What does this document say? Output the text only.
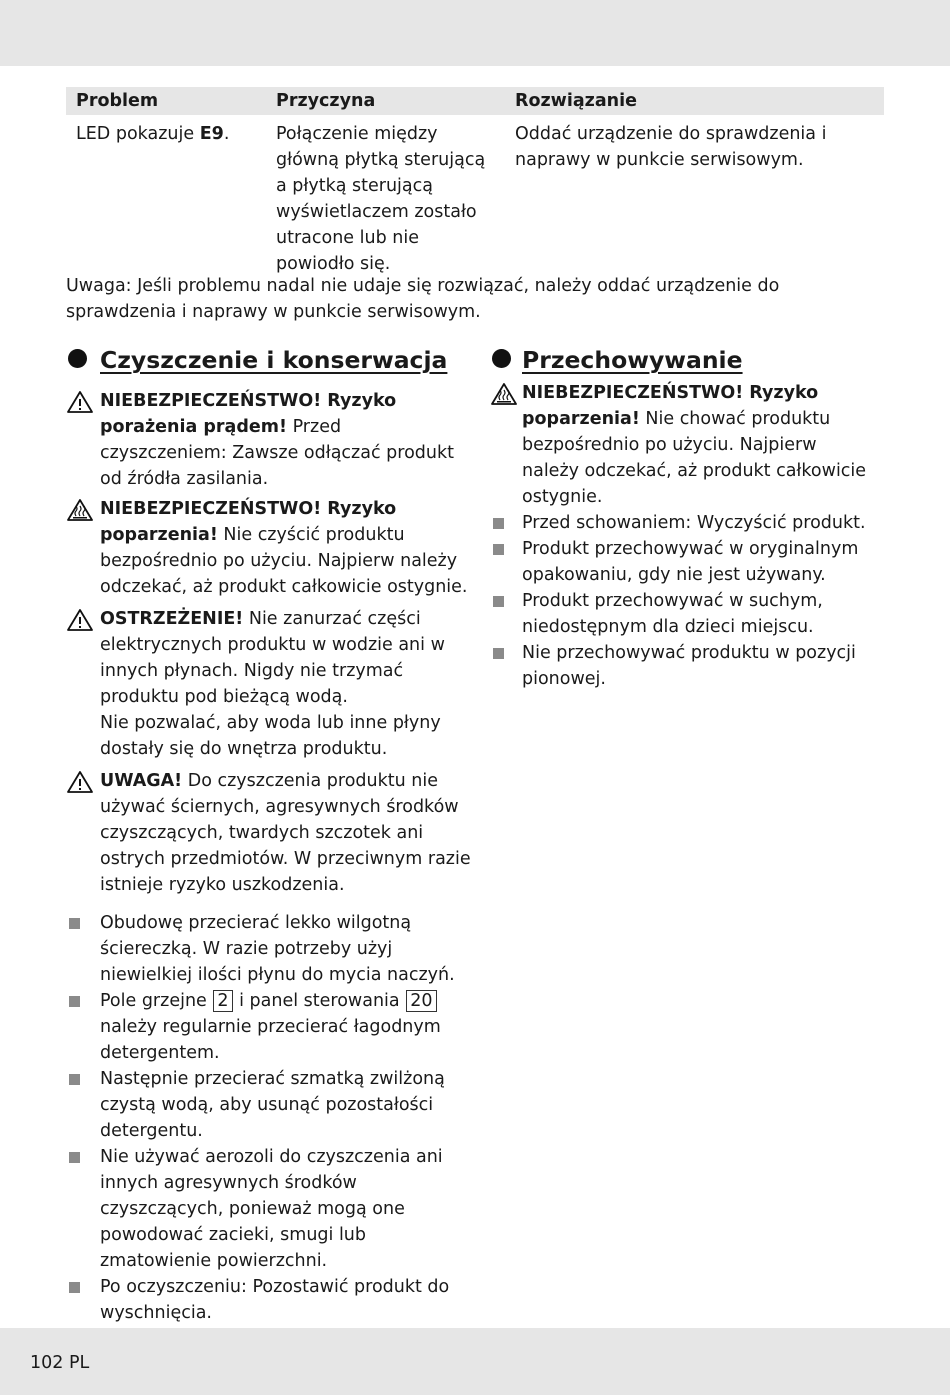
Problem	Przyczyna	Rozwiązanie
LED pokazuje E9.	Połączenie między główną płytką sterującą a płytką sterującą wyświetlaczem zostało utracone lub nie powiodło się.	Oddać urządzenie do sprawdzenia i naprawy w punkcie serwisowym.
Uwaga: Jeśli problemu nadal nie udaje się rozwiązać, należy oddać urządzenie do sprawdzenia i naprawy w punkcie serwisowym.
Czyszczenie i konserwacja

NIEBEZPIECZEŃSTWO! Ryzyko porażenia prądem! Przed czyszczeniem: Zawsze odłączać produkt od źródła zasilania.

NIEBEZPIECZEŃSTWO! Ryzyko poparzenia! Nie czyścić produktu bezpośrednio po użyciu. Najpierw należy odczekać, aż produkt całkowicie ostygnie.

OSTRZEŻENIE! Nie zanurzać części elektrycznych produktu w wodzie ani w innych płynach. Nigdy nie trzymać produktu pod bieżącą wodą.

Nie pozwalać, aby woda lub inne płyny dostały się do wnętrza produktu.

UWAGA! Do czyszczenia produktu nie używać ściernych, agresywnych środków czyszczących, twardych szczotek ani ostrych przedmiotów. W przeciwnym razie istnieje ryzyko uszkodzenia.

Obudowę przecierać lekko wilgotną ściereczką. W razie potrzeby użyj niewielkiej ilości płynu do mycia naczyń.
Pole grzejne 2 i panel sterowania 20 należy regularnie przecierać łagodnym detergentem.
Następnie przecierać szmatką zwilżoną czystą wodą, aby usunąć pozostałości detergentu.
Nie używać aerozoli do czyszczenia ani innych agresywnych środków czyszczących, ponieważ mogą one powodować zacieki, smugi lub zmatowienie powierzchni.
Po oczyszczeniu: Pozostawić produkt do wyschnięcia.
Przechowywanie

NIEBEZPIECZEŃSTWO! Ryzyko poparzenia! Nie chować produktu bezpośrednio po użyciu. Najpierw należy odczekać, aż produkt całkowicie ostygnie.

Przed schowaniem: Wyczyścić produkt.
Produkt przechowywać w oryginalnym opakowaniu, gdy nie jest używany.
Produkt przechowywać w suchym, niedostępnym dla dzieci miejscu.
Nie przechowywać produktu w pozycji pionowej.
102 PL
